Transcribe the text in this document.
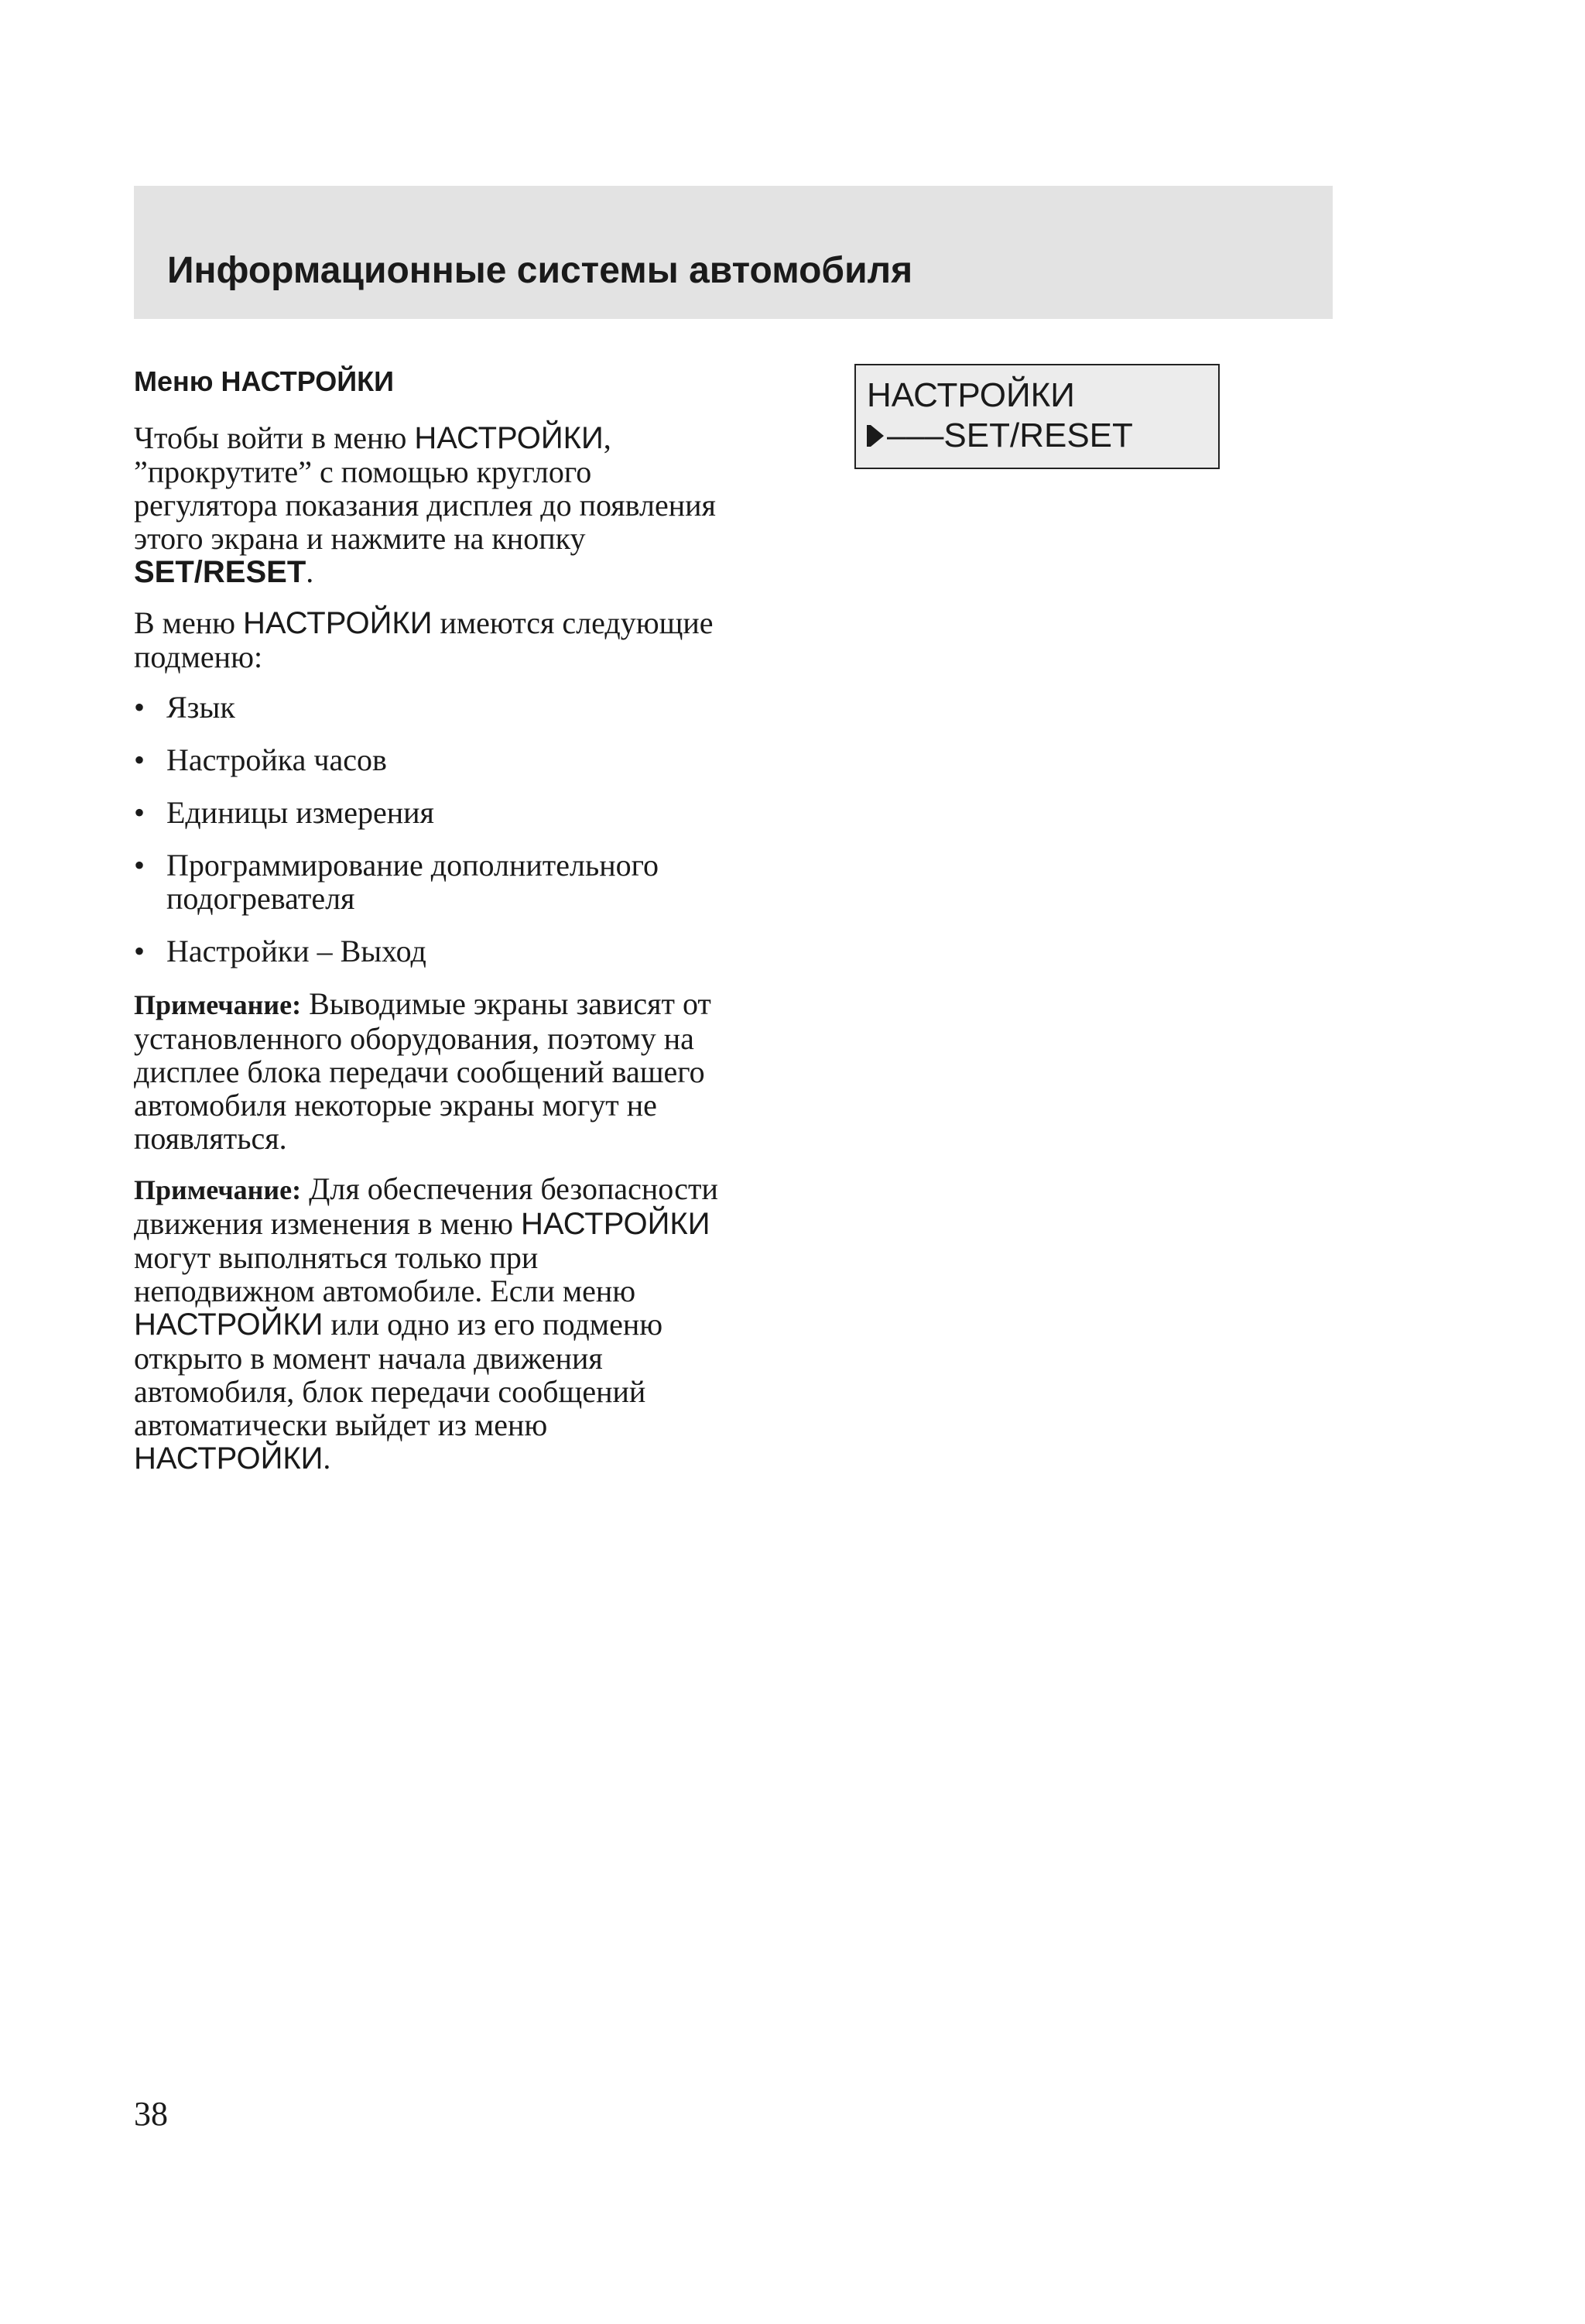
Информационные системы автомобиля
Меню НАСТРОЙКИ

Чтобы войти в меню НАСТРОЙКИ, ”прокрутите” с помощью круглого регулятора показания дисплея до появления этого экрана и нажмите на кнопку SET/RESET.

В меню НАСТРОЙКИ имеются следующие подменю:

• Язык
• Настройка часов
• Единицы измерения
• Программирование дополнительного подогревателя
• Настройки – Выход

Примечание: Выводимые экраны зависят от установленного оборудования, поэтому на дисплее блока передачи сообщений вашего автомобиля некоторые экраны могут не появляться.

Примечание: Для обеспечения безопасности движения изменения в меню НАСТРОЙКИ могут выполняться только при неподвижном автомобиле. Если меню НАСТРОЙКИ или одно из его подменю открыто в момент начала движения автомобиля, блок передачи сообщений автоматически выйдет из меню НАСТРОЙКИ.

НАСТРОЙКИ
–––SET/RESET
38
